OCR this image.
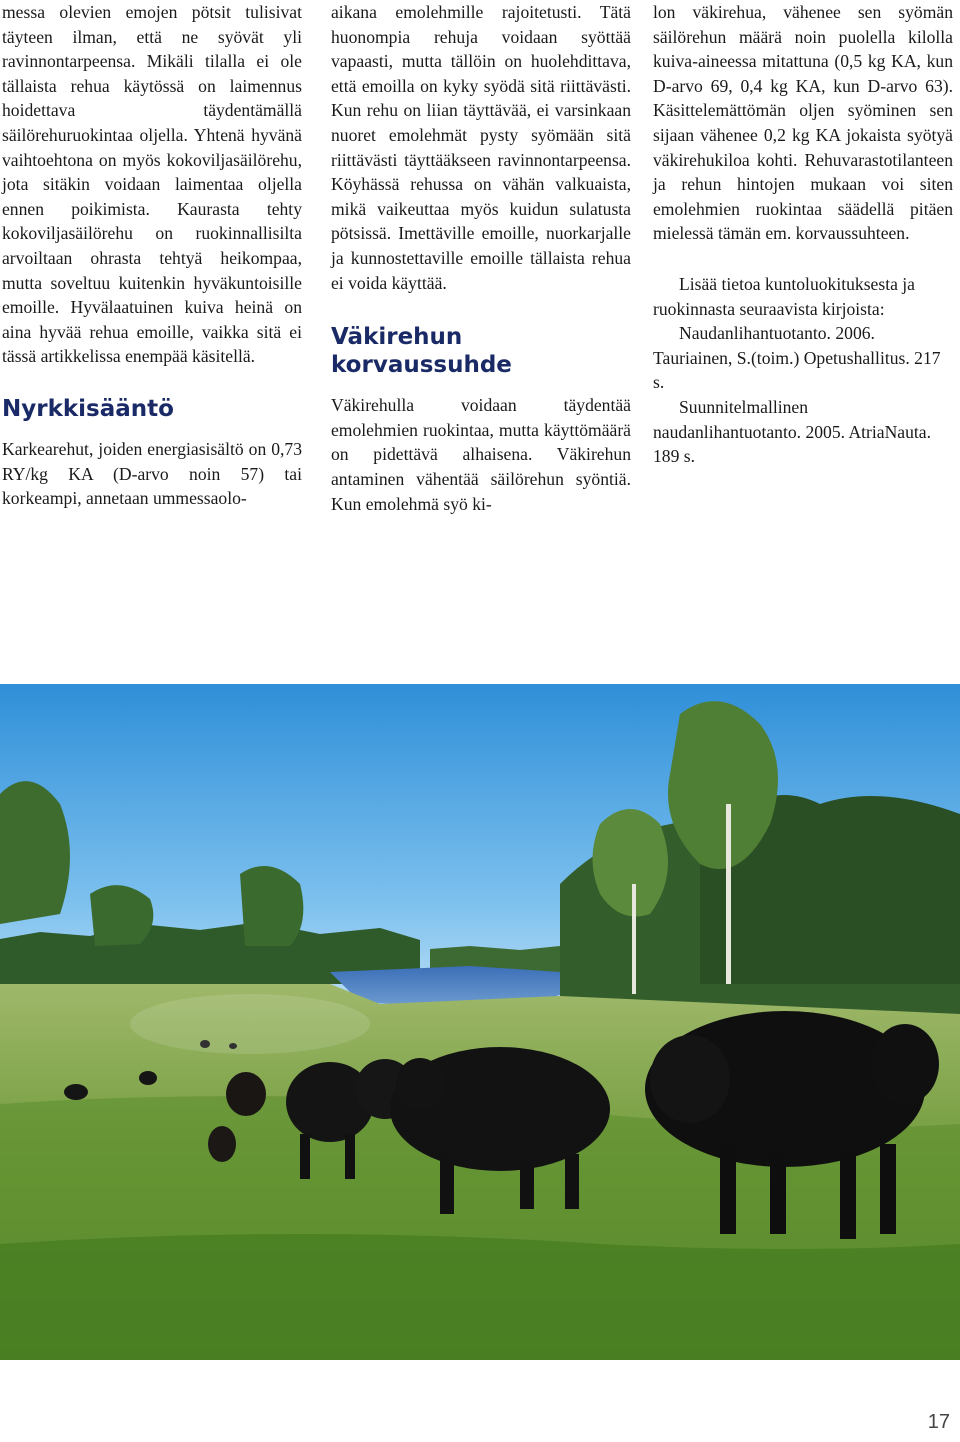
messa olevien emojen pötsit tulisivat täyteen ilman, että ne syövät yli ravinnontarpeensa. Mikäli tilalla ei ole tällaista rehua käytössä on laimennus hoidettava täydentämällä säilörehuruokintaa oljella. Yhtenä hyvänä vaihtoehtona on myös kokoviljasäilörehu, jota sitäkin voidaan laimentaa oljella ennen poikimista. Kaurasta tehty kokoviljasäilörehu on ruokinnallisilta arvoiltaan ohrasta tehtyä heikompaa, mutta soveltuu kuitenkin hyväkuntoisille emoille. Hyvälaatuinen kuiva heinä on aina hyvää rehua emoille, vaikka sitä ei tässä artikkelissa enempää käsitellä.

Nyrkkisääntö

Karkearehut, joiden energiasisältö on 0,73 RY/kg KA (D-arvo noin 57) tai korkeampi, annetaan ummessaolo-

aikana emolehmille rajoitetusti. Tätä huonompia rehuja voidaan syöttää vapaasti, mutta tällöin on huolehdittava, että emoilla on kyky syödä sitä riittävästi. Kun rehu on liian täyttävää, ei varsinkaan nuoret emolehmät pysty syömään sitä riittävästi täyttääkseen ravinnontarpeensa. Köyhässä rehussa on vähän valkuaista, mikä vaikeuttaa myös kuidun sulatusta pötsissä. Imettäville emoille, nuorkarjalle ja kunnostettaville emoille tällaista rehua ei voida käyttää.

Väkirehun korvaussuhde

Väkirehulla voidaan täydentää emolehmien ruokintaa, mutta käyttömäärä on pidettävä alhaisena. Väkirehun antaminen vähentää säilörehun syöntiä. Kun emolehmä syö ki-

lon väkirehua, vähenee sen syömän säilörehun määrä noin puolella kilolla kuiva-aineessa mitattuna (0,5 kg KA, kun D-arvo 69, 0,4 kg KA, kun D-arvo 63). Käsittelemättömän oljen syöminen sen sijaan vähenee 0,2 kg KA jokaista syötyä väkirehukiloa kohti. Rehuvarastotilanteen ja rehun hintojen mukaan voi siten emolehmien ruokintaa säädellä pitäen mielessä tämän em. korvaussuhteen.

Lisää tietoa kuntoluokituksesta ja ruokinnasta seuraavista kirjoista:

Naudanlihantuotanto. 2006. Tauriainen, S.(toim.) Opetushallitus. 217 s.

Suunnitelmallinen naudanlihantuotanto. 2005. AtriaNauta. 189 s.

17
